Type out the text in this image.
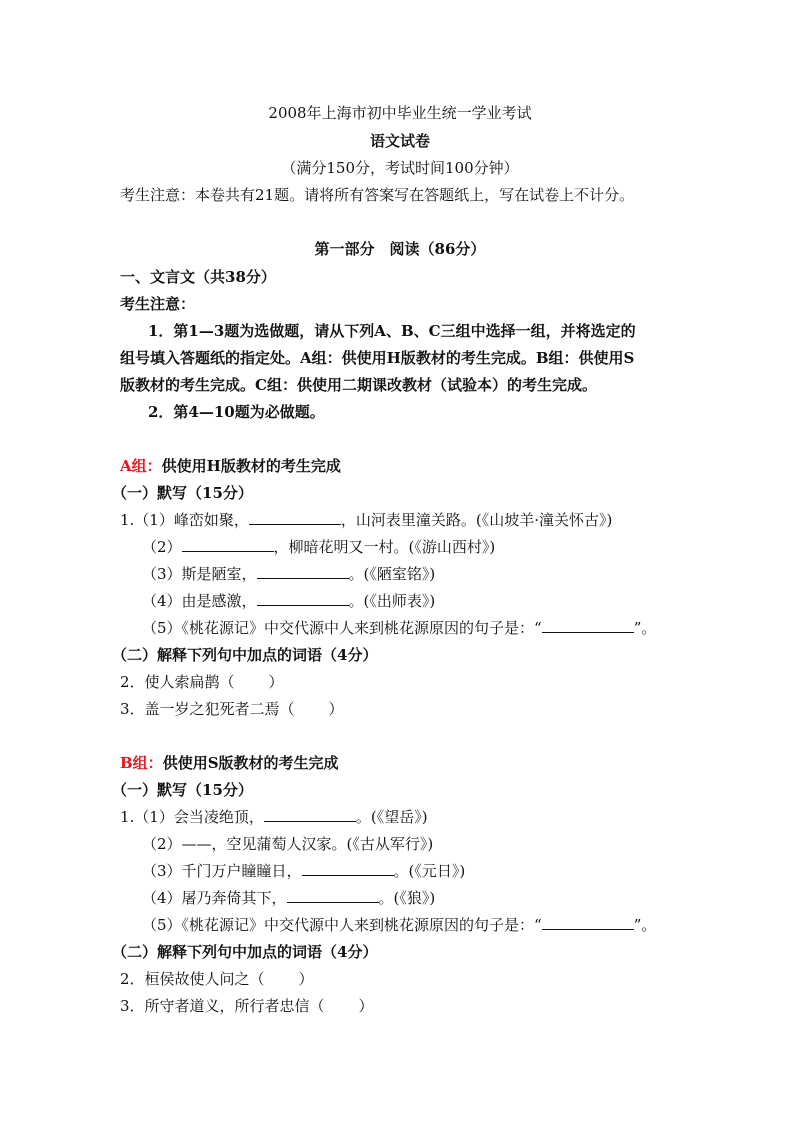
2008年上海市初中毕业生统一学业考试
语文试卷
（满分150分，考试时间100分钟）
考生注意：本卷共有21题。请将所有答案写在答题纸上，写在试卷上不计分。
第一部分　阅读（86分）
一、文言文（共38分）
考生注意：
1．第1—3题为选做题，请从下列A、B、C三组中选择一组，并将选定的
组号填入答题纸的指定处。A组：供使用H版教材的考生完成。B组：供使用S
版教材的考生完成。C组：供使用二期课改教材（试验本）的考生完成。
2．第4—10题为必做题。
A组：供使用H版教材的考生完成
（一）默写（15分）
1.（1）峰峦如聚，	，山河表里潼关路。(《山坡羊·潼关怀古》)
（2）	，柳暗花明又一村。(《游山西村》)
（3）斯是陋室，	。(《陋室铭》)
（4）由是感激，	。(《出师表》)
（5）《桃花源记》中交代源中人来到桃花源原因的句子是：“	”。
（二）解释下列句中加点的词语（4分）
2．使人索扁鹊（ ）
3．盖一岁之犯死者二焉（ ）
B组：供使用S版教材的考生完成
（一）默写（15分）
1.（1）会当凌绝顶，	。(《望岳》)
（2）——，空见蒲萄人汉家。(《古从军行》)
（3）千门万户瞳瞳日，	。(《元日》)
（4）屠乃奔倚其下，	。(《狼》)
（5）《桃花源记》中交代源中人来到桃花源原因的句子是：“	”。
（二）解释下列句中加点的词语（4分）
2．桓侯故使人问之（ ）
3．所守者道义，所行者忠信（ ）
